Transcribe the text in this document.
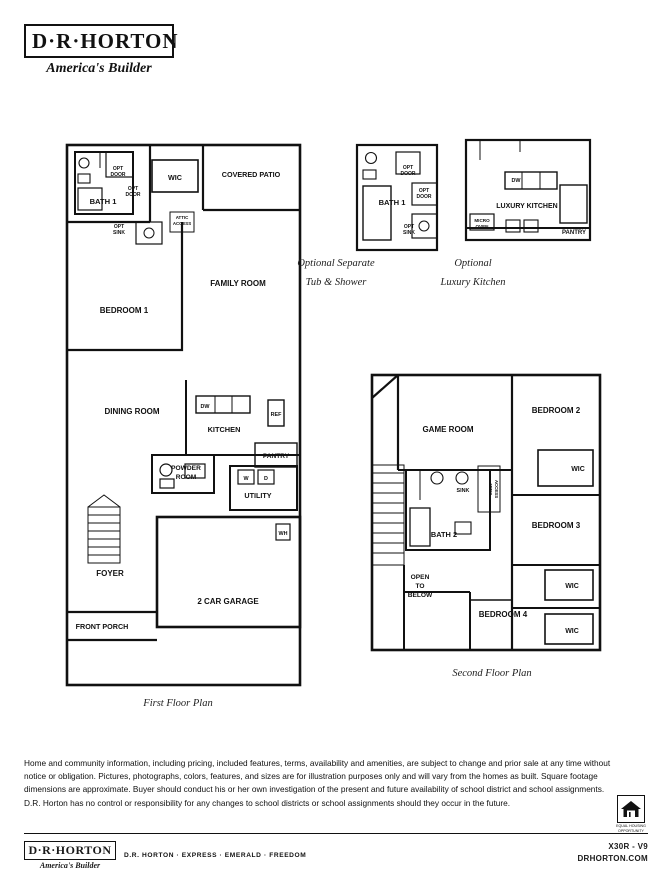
D·R·HORTON
America's Builder
BATH 1
WIC	COVERED PATIO
FAMILY ROOM
BEDROOM 1
DINING ROOM
KITCHEN
PANTRY
POWDER
ROOM
UTILITY
FOYER
2 CAR GARAGE
FRONT PORCH
OPT
DOOR
OPT
DOOR
OPT
SINK
ATTIC
ACCESS
DW
REF
W	D
WH
BATH 1
OPT
DOOR
OPT
DOOR
OPT
SINK
LUXURY KITCHEN
PANTRY
MICRO
OVEN
DW
GAME ROOM
BEDROOM 2
WIC
BEDROOM 3
WIC
WIC
BEDROOM 4
BATH 2
OPEN
TO
BELOW
SINK	ATTIC ACCESS
Optional Separate
Tub & Shower
Optional
Luxury Kitchen
First Floor Plan
Second Floor Plan
Home and community information, including pricing, included features, terms, availability and amenities, are subject to change and prior sale at any time without notice or obligation. Pictures, photographs, colors, features, and sizes are for illustration purposes only and will vary from the homes as built. Square footage dimensions are approximate. Buyer should conduct his or her own investigation of the present and future availability of school district and school assignments. D.R. Horton has no control or responsibility for any changes to school districts or school assignments should they occur in the future.
EQUAL HOUSING
OPPORTUNITY
D·R·HORTON
America's Builder
D.R. HORTON · EXPRESS · EMERALD · FREEDOM
X30R - V9
DRHORTON.COM
